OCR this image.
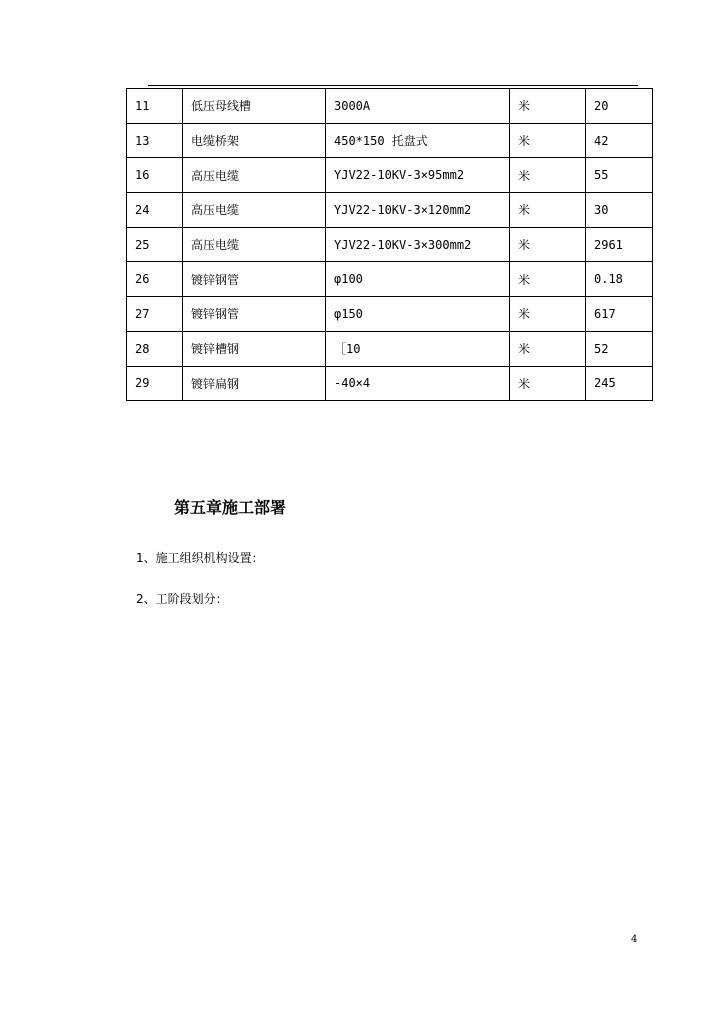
11	低压母线槽	3000A	米	20
13	电缆桥架	450*150 托盘式	米	42
16	高压电缆	YJV22-10KV-3×95mm2	米	55
24	高压电缆	YJV22-10KV-3×120mm2	米	30
25	高压电缆	YJV22-10KV-3×300mm2	米	2961
26	镀锌钢管	φ100	米	0.18
27	镀锌钢管	φ150	米	617
28	镀锌槽钢	［10	米	52
29	镀锌扁钢	-40×4	米	245
第五章施工部署

1、施工组织机构设置：

2、工阶段划分：

4
